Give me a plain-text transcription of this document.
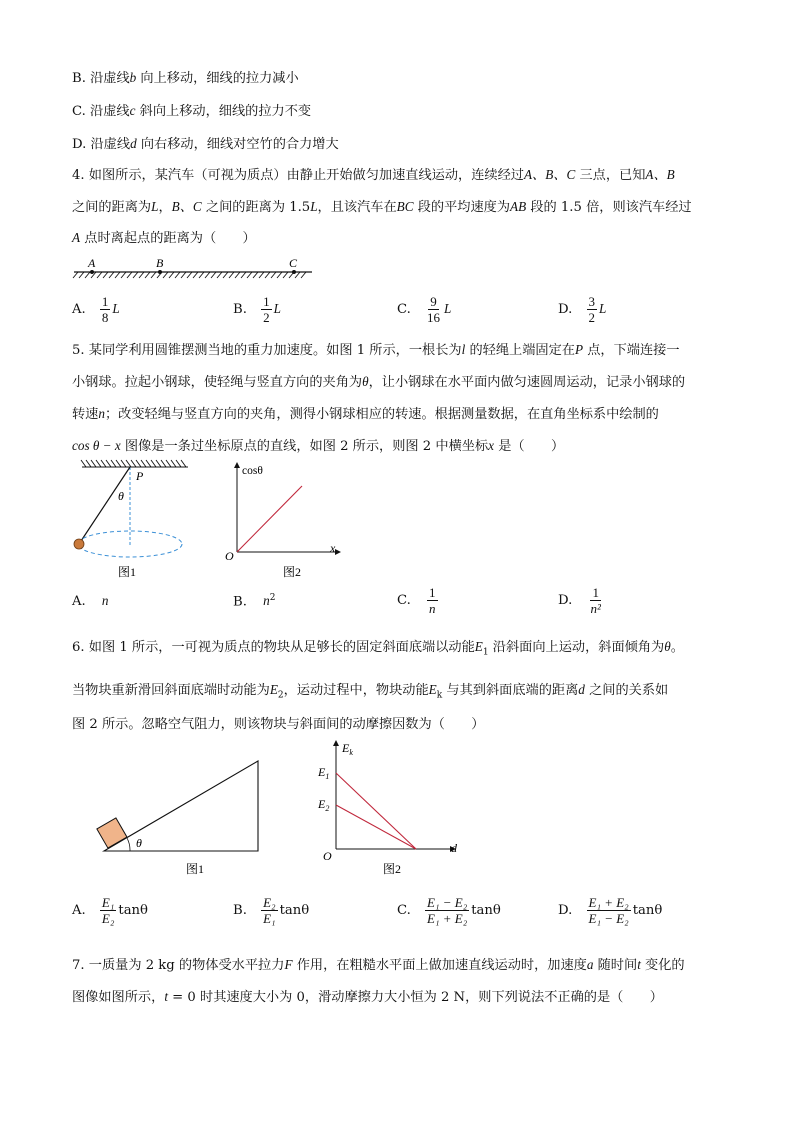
B. 沿虚线b 向上移动，细线的拉力减小
C. 沿虚线c 斜向上移动，细线的拉力不变
D. 沿虚线d 向右移动，细线对空竹的合力增大
4. 如图所示，某汽车（可视为质点）由静止开始做匀加速直线运动，连续经过A、B、C 三点，已知A、B
之间的距离为L，B、C 之间的距离为 1.5L，且该汽车在BC 段的平均速度为AB 段的 1.5 倍，则该汽车经过
A 点时离起点的距离为（　　）
A	B	C
A. $\frac{1}{8}$ L	B. $\frac{1}{2}$ L	C. $\frac{9}{16}$ L	D. $\frac{3}{2}$ L
5. 某同学利用圆锥摆测当地的重力加速度。如图 1 所示，一根长为l 的轻绳上端固定在P 点，下端连接一
小钢球。拉起小钢球，使轻绳与竖直方向的夹角为θ，让小钢球在水平面内做匀速圆周运动，记录小钢球的
转速n；改变轻绳与竖直方向的夹角，测得小钢球相应的转速。根据测量数据，在直角坐标系中绘制的
cos θ − x 图像是一条过坐标原点的直线，如图 2 所示，则图 2 中横坐标x 是（　　）
P
θ
图1
cosθ
x
O
图2
A. n	B. $n^2$	C. $\frac{1}{n}$	D. $\frac{1}{\text{n²}}$
6. 如图 1 所示，一可视为质点的物块从足够长的固定斜面底端以动能$E_1$ 沿斜面向上运动，斜面倾角为θ。
当物块重新滑回斜面底端时动能为$E_2$，运动过程中，物块动能$E_k$ 与其到斜面底端的距离d 之间的关系如
图 2 所示。忽略空气阻力，则该物块与斜面间的动摩擦因数为（　　）
θ
图1
$E_k$
$E_1$
$E_2$
O
d
图2
A. $\frac{\text{E₁}}{\text{E₂}}$ tanθ	B. $\frac{\text{E₂}}{\text{E₁}}$ tanθ	C. $\frac{\text{E₁ − E₂}}{\text{E₁ + E₂}}$ tanθ	D. $\frac{\text{E₁ + E₂}}{\text{E₁ − E₂}}$ tanθ
7. 一质量为 2 kg 的物体受水平拉力F 作用，在粗糙水平面上做加速直线运动时，加速度a 随时间t 变化的
图像如图所示，t = 0 时其速度大小为 0，滑动摩擦力大小恒为 2 N，则下列说法不正确的是（　　）
